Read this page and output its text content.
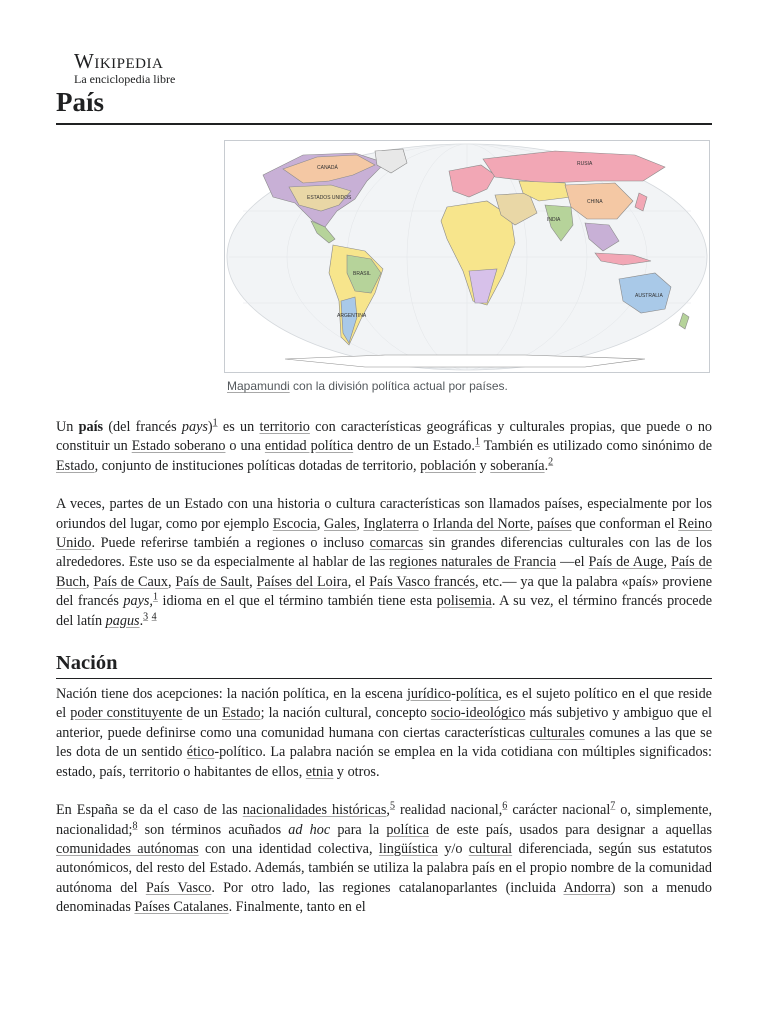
Wikipedia
La enciclopedia libre
País
RUSIA
CANADÁ
ESTADOS UNIDOS
BRASIL
CHINA
INDIA
AUSTRALIA
ARGENTINA
Mapamundi con la división política actual por países.

Un país (del francés pays)$^1$ es un territorio con características geográficas y culturales propias, que puede o no constituir un Estado soberano o una entidad política dentro de un Estado.$^1$ También es utilizado como sinónimo de Estado, conjunto de instituciones políticas dotadas de territorio, población y soberanía.$^2$

A veces, partes de un Estado con una historia o cultura características son llamados países, especialmente por los oriundos del lugar, como por ejemplo Escocia, Gales, Inglaterra o Irlanda del Norte, países que conforman el Reino Unido. Puede referirse también a regiones o incluso comarcas sin grandes diferencias culturales con las de los alrededores. Este uso se da especialmente al hablar de las regiones naturales de Francia —el País de Auge, País de Buch, País de Caux, País de Sault, Países del Loira, el País Vasco francés, etc.— ya que la palabra «país» proviene del francés pays,$^1$ idioma en el que el término también tiene esta polisemia. A su vez, el término francés procede del latín pagus.$^3$ $^4$

Nación

Nación tiene dos acepciones: la nación política, en la escena jurídico-política, es el sujeto político en el que reside el poder constituyente de un Estado; la nación cultural, concepto socio-ideológico más subjetivo y ambiguo que el anterior, puede definirse como una comunidad humana con ciertas características culturales comunes a las que se les dota de un sentido ético-político. La palabra nación se emplea en la vida cotidiana con múltiples significados: estado, país, territorio o habitantes de ellos, etnia y otros.

En España se da el caso de las nacionalidades históricas,$^5$ realidad nacional,$^6$ carácter nacional$^7$ o, simplemente, nacionalidad;$^8$ son términos acuñados ad hoc para la política de este país, usados para designar a aquellas comunidades autónomas con una identidad colectiva, lingüística y/o cultural diferenciada, según sus estatutos autonómicos, del resto del Estado. Además, también se utiliza la palabra país en el propio nombre de la comunidad autónoma del País Vasco. Por otro lado, las regiones catalanoparlantes (incluida Andorra) son a menudo denominadas Países Catalanes. Finalmente, tanto en el
